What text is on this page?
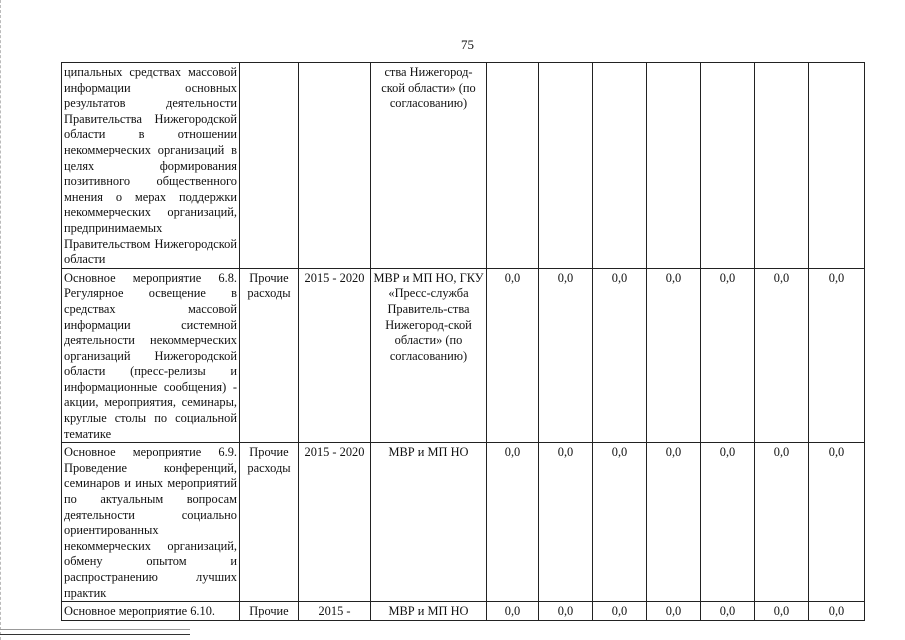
75
ципальных средствах массовой информации основных результатов деятельности Правительства Нижегородской области в отношении некоммерческих организаций в целях формирования позитивного общественного мнения о мерах поддержки некоммерческих организаций, предпринимаемых Правительством Нижегородской области			ства Нижегород-ской области» (по согласованию)							
Основное мероприятие 6.8. Регулярное освещение в средствах массовой информации системной деятельности некоммерческих организаций Нижегородской области (пресс-релизы и информационные сообщения) - акции, мероприятия, семинары, круглые столы по социальной тематике	Прочие расходы	2015 - 2020	МВР и МП НО, ГКУ «Пресс-служба Правитель-ства Нижегород-ской области» (по согласованию)	0,0	0,0	0,0	0,0	0,0	0,0	0,0
Основное мероприятие 6.9. Проведение конференций, семинаров и иных мероприятий по актуальным вопросам деятельности социально ориентированных некоммерческих организаций, обмену опытом и распространению лучших практик	Прочие расходы	2015 - 2020	МВР и МП НО	0,0	0,0	0,0	0,0	0,0	0,0	0,0
Основное мероприятие 6.10.	Прочие	2015 -	МВР и МП НО	0,0	0,0	0,0	0,0	0,0	0,0	0,0
